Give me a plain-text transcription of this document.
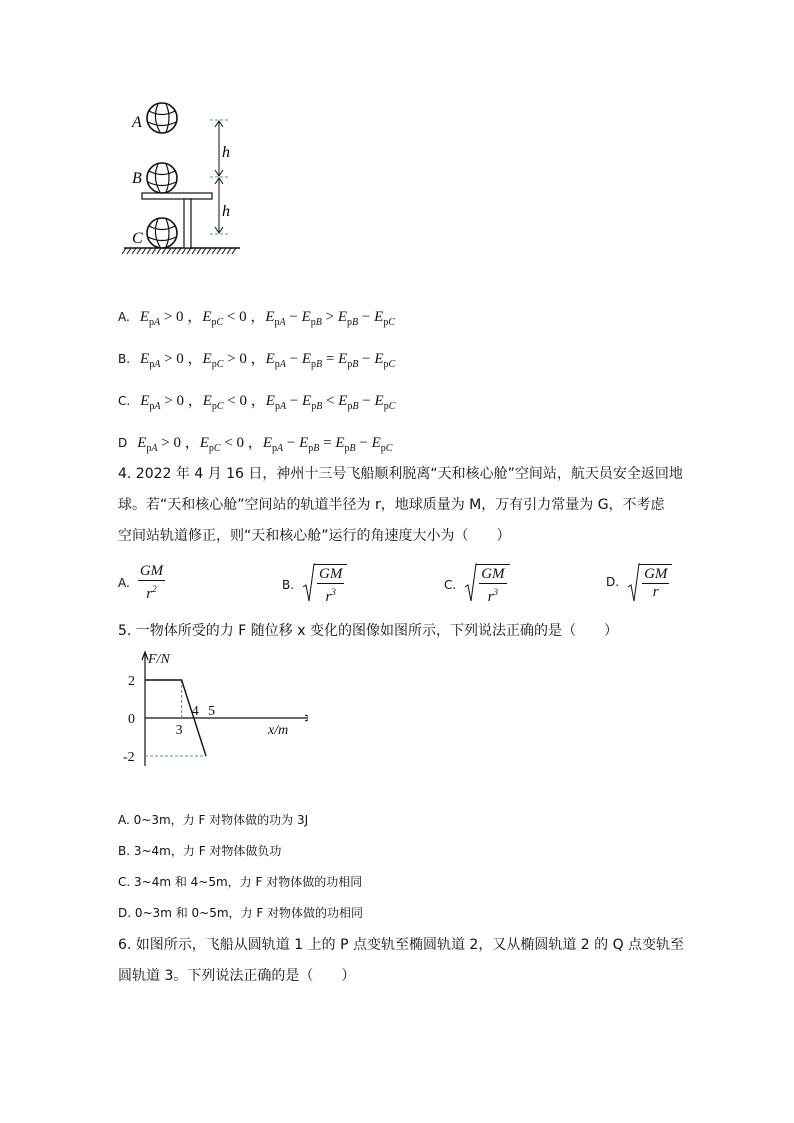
A
B
C
h
h
A. $E_{pA} > 0$ ，$E_{pC} < 0$ ，$E_{pA} - E_{pB} > E_{pB} - E_{pC}$
B. $E_{pA} > 0$ ，$E_{pC} > 0$ ，$E_{pA} - E_{pB} = E_{pB} - E_{pC}$
C. $E_{pA} > 0$ ，$E_{pC} < 0$ ，$E_{pA} - E_{pB} < E_{pB} - E_{pC}$
D $E_{pA} > 0$ ，$E_{pC} < 0$ ，$E_{pA} - E_{pB} = E_{pB} - E_{pC}$
4. 2022 年 4 月 16 日，神州十三号飞船顺利脱离“天和核心舱”空间站，航天员安全返回地
球。若“天和核心舱”空间站的轨道半径为 r，地球质量为 M，万有引力常量为 G，不考虑
空间站轨道修正，则“天和核心舱”运行的角速度大小为（　　）
A. $\frac{GM}{r^2}$	B. $\frac{GM}{r^3}$	C. $\frac{GM}{r^3}$	D. $\frac{GM}{r}$
5. 一物体所受的力 F 随位移 x 变化的图像如图所示，下列说法正确的是（　　）
2
0
-2
3
4 5
F/N
x/m
A. 0~3m，力 F 对物体做的功为 3J
B. 3~4m，力 F 对物体做负功
C. 3~4m 和 4~5m，力 F 对物体做的功相同
D. 0~3m 和 0~5m，力 F 对物体做的功相同
6. 如图所示，飞船从圆轨道 1 上的 P 点变轨至椭圆轨道 2，又从椭圆轨道 2 的 Q 点变轨至
圆轨道 3。下列说法正确的是（　　）
